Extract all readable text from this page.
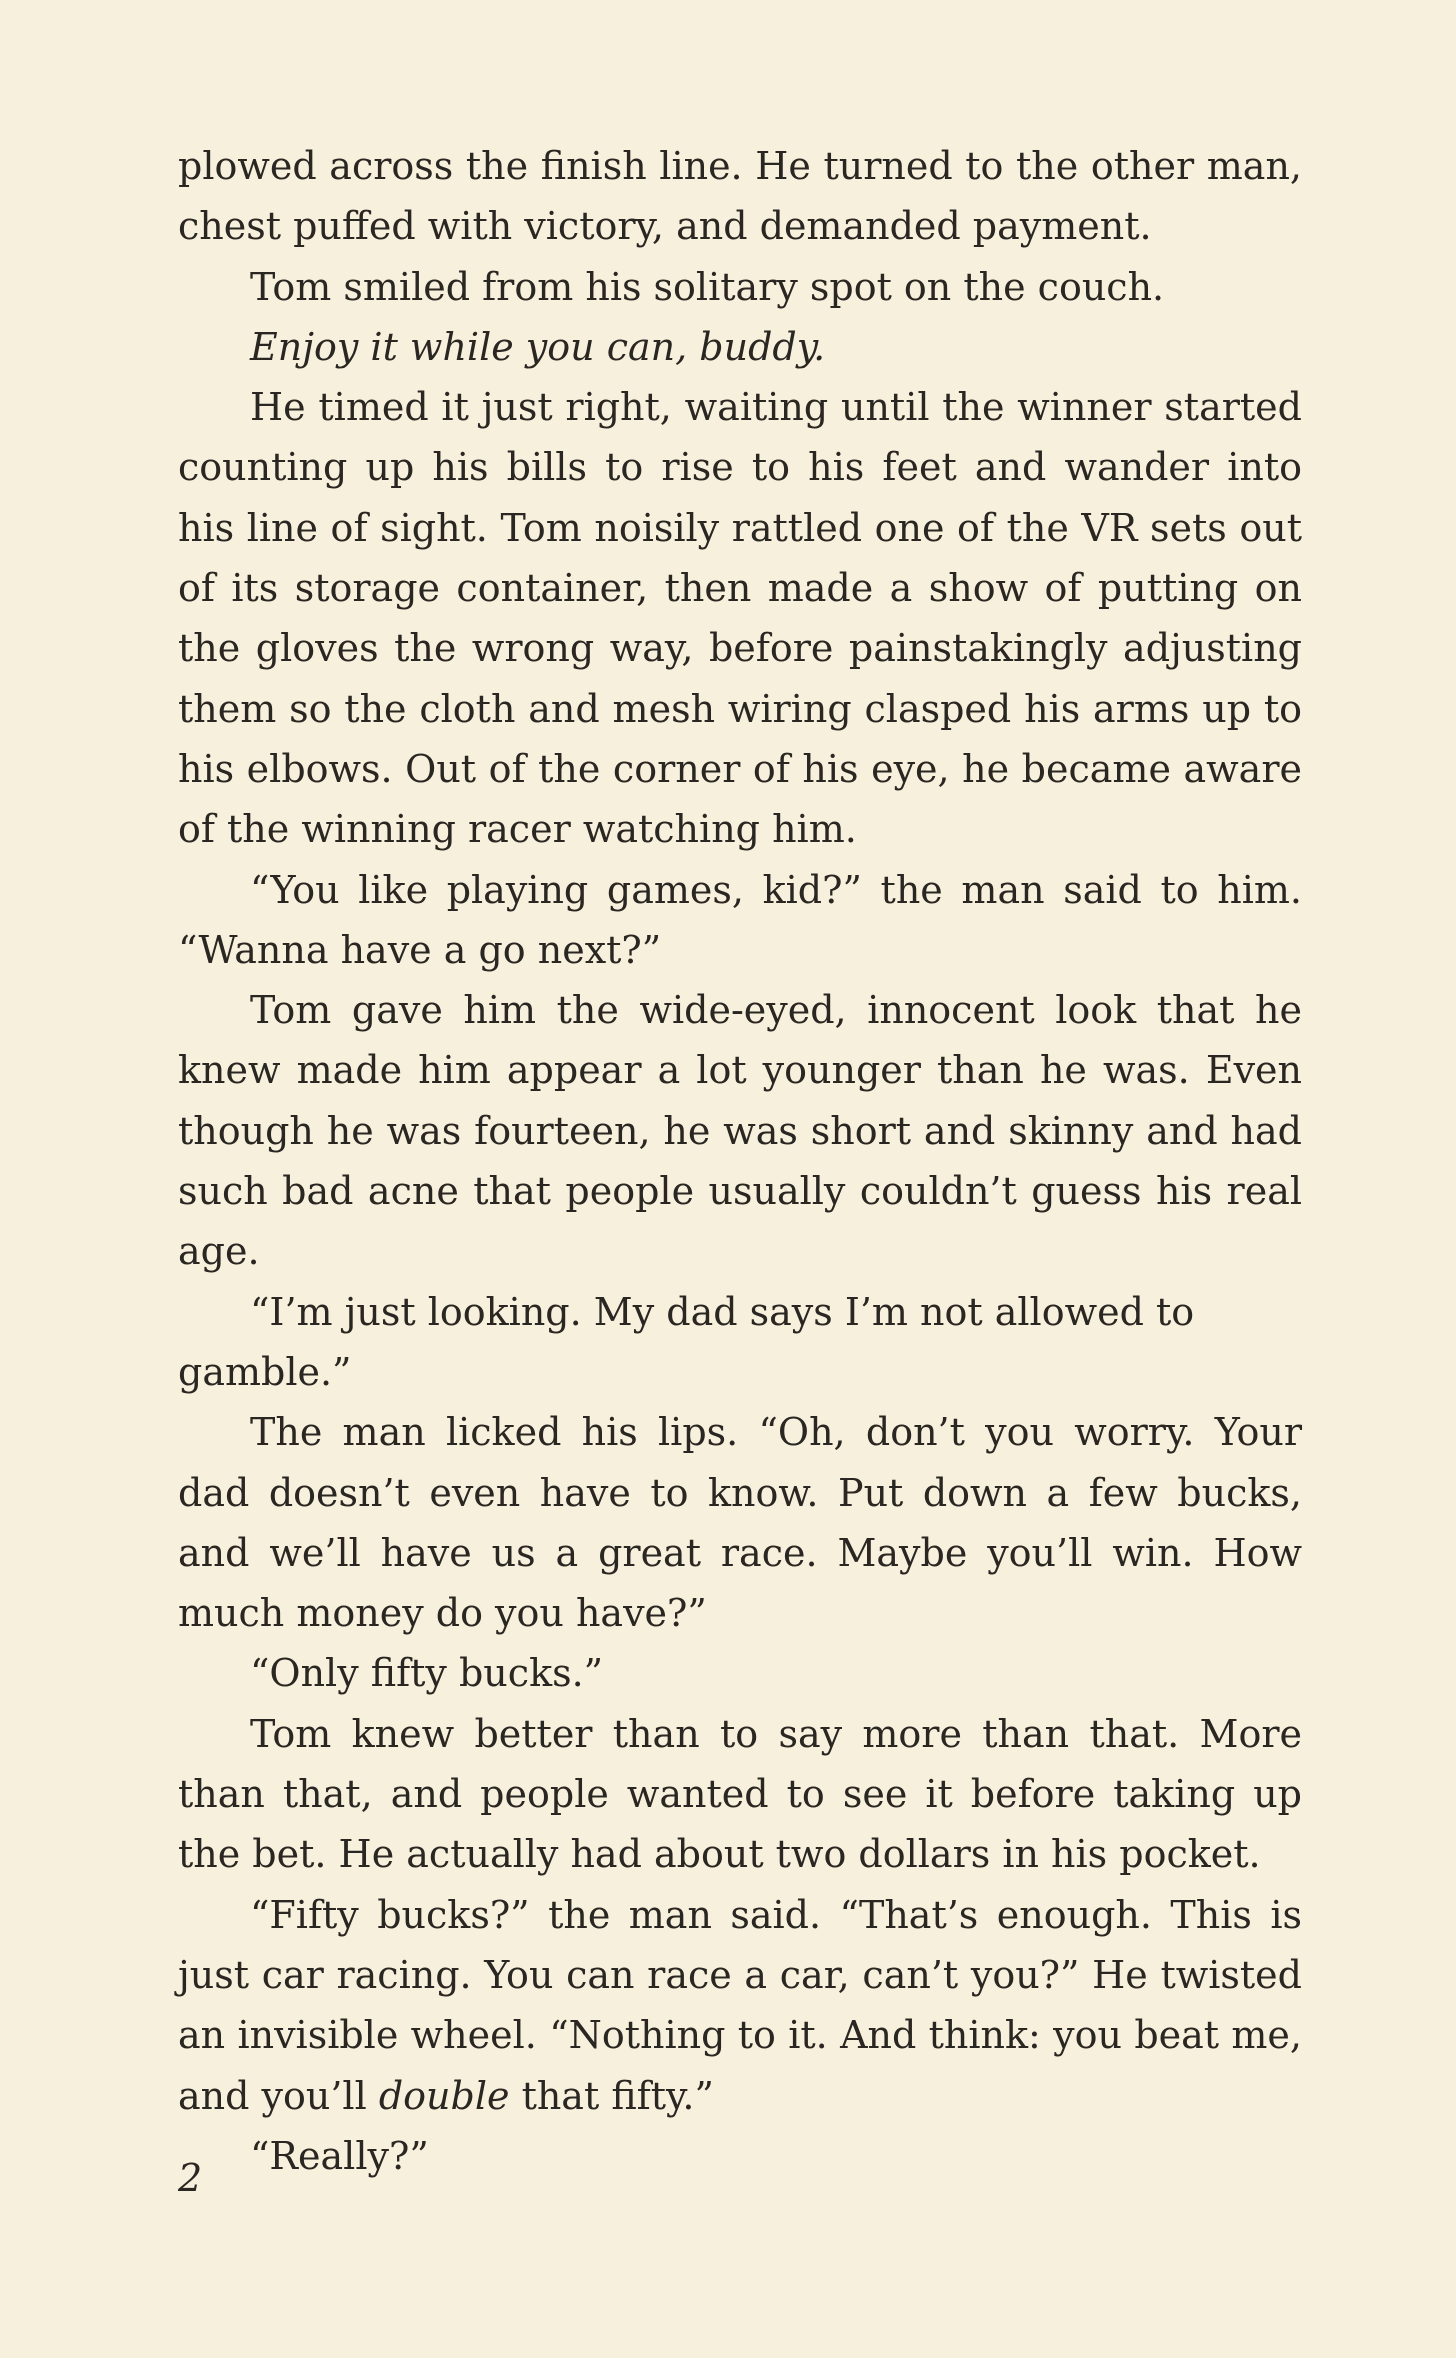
plowed across the finish line. He turned to the other man, chest puffed with victory, and demanded payment.

Tom smiled from his solitary spot on the couch.

Enjoy it while you can, buddy.

He timed it just right, waiting until the winner started counting up his bills to rise to his feet and wander into his line of sight. Tom noisily rattled one of the VR sets out of its storage container, then made a show of putting on the gloves the wrong way, before painstakingly adjusting them so the cloth and mesh wiring clasped his arms up to his elbows. Out of the corner of his eye, he became aware of the winning racer watching him.

“You like playing games, kid?” the man said to him. “Wanna have a go next?”

Tom gave him the wide-eyed, innocent look that he knew made him appear a lot younger than he was. Even though he was fourteen, he was short and skinny and had such bad acne that people usually couldn’t guess his real age.

“I’m just looking. My dad says I’m not allowed to gamble.”

The man licked his lips. “Oh, don’t you worry. Your dad doesn’t even have to know. Put down a few bucks, and we’ll have us a great race. Maybe you’ll win. How much money do you have?”

“Only fifty bucks.”

Tom knew better than to say more than that. More than that, and people wanted to see it before taking up the bet. He actually had about two dollars in his pocket.

“Fifty bucks?” the man said. “That’s enough. This is just car racing. You can race a car, can’t you?” He twisted an invisible wheel. “Nothing to it. And think: you beat me, and you’ll double that fifty.”

“Really?”

2
